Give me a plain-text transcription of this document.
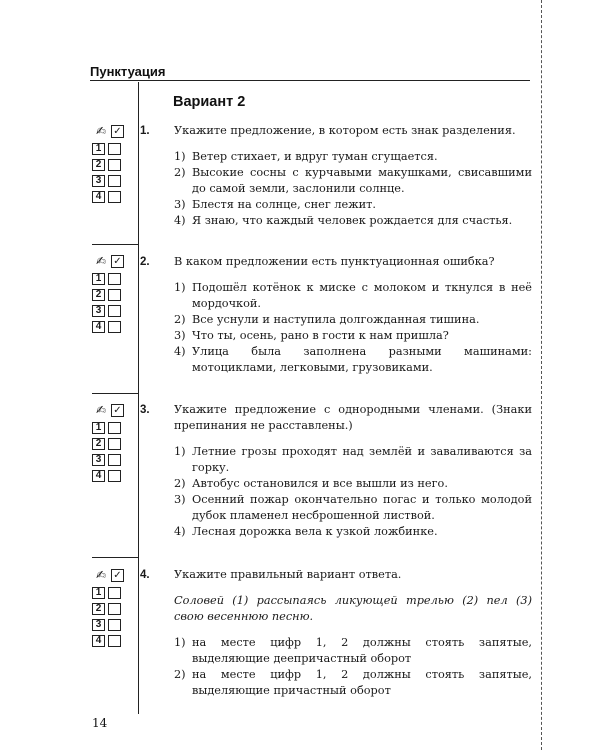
Пунктуация
Вариант 2
✍ ✓
1
2
3
4
✍ ✓
1
2
3
4
✍ ✓
1
2
3
4
✍ ✓
1
2
3
4
1. Укажите предложение, в котором есть знак разделения.
1) Ветер стихает, и вдруг туман сгущается.
2) Высокие сосны с курчавыми макушками, свисавшими до самой земли, заслонили солнце.
3) Блестя на солнце, снег лежит.
4) Я знаю, что каждый человек рождается для счастья.
2. В каком предложении есть пунктуационная ошибка?
1) Подошёл котёнок к миске с молоком и ткнулся в неё мордочкой.
2) Все уснули и наступила долгожданная тишина.
3) Что ты, осень, рано в гости к нам пришла?
4) Улица была заполнена разными машинами: мотоциклами, легковыми, грузовиками.
3. Укажите предложение с однородными членами. (Знаки препинания не расставлены.)
1) Летние грозы проходят над землёй и заваливаются за горку.
2) Автобус остановился и все вышли из него.
3) Осенний пожар окончательно погас и только молодой дубок пламенел несброшенной листвой.
4) Лесная дорожка вела к узкой ложбинке.
4. Укажите правильный вариант ответа.
Соловей (1) рассыпаясь ликующей трелью (2) пел (3) свою весеннюю песню.
1) на месте цифр 1, 2 должны стоять запятые, выделяющие деепричастный оборот
2) на месте цифр 1, 2 должны стоять запятые, выделяющие причастный оборот
14
